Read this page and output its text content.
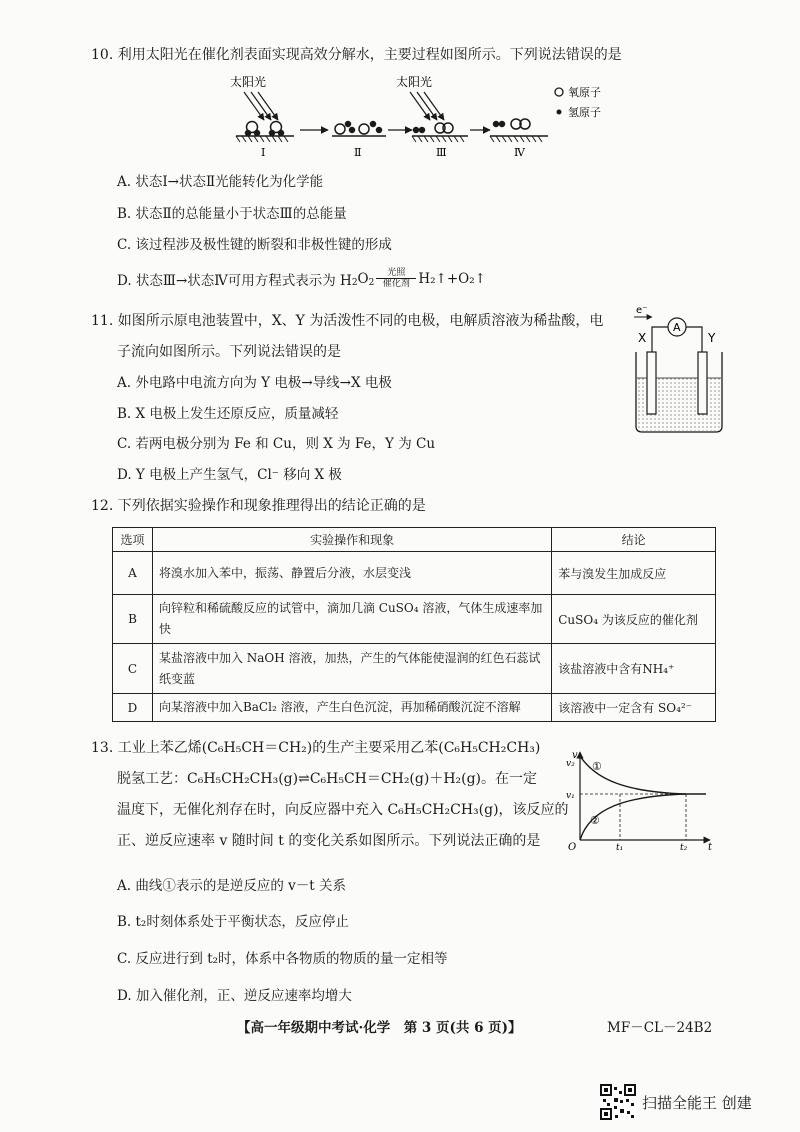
10. 利用太阳光在催化剂表面实现高效分解水，主要过程如图所示。下列说法错误的是
太阳光
Ⅰ	Ⅱ
太阳光
Ⅲ	Ⅳ
氧原子
氢原子
A. 状态Ⅰ→状态Ⅱ光能转化为化学能
B. 状态Ⅱ的总能量小于状态Ⅲ的总能量
C. 该过程涉及极性键的断裂和非极性键的形成
D. 状态Ⅲ→状态Ⅳ可用方程式表示为 H 2 O 2
光照
催化剂 H₂↑+O₂↑
11. 如图所示原电池装置中，X、Y 为活泼性不同的电极，电解质溶液为稀盐酸，电
子流向如图所示。下列说法错误的是
e⁻
A
X	Y
A. 外电路中电流方向为 Y 电极→导线→X 电极
B. X 电极上发生还原反应，质量减轻
C. 若两电极分别为 Fe 和 Cu，则 X 为 Fe，Y 为 Cu
D. Y 电极上产生氢气，Cl⁻ 移向 X 极
12. 下列依据实验操作和现象推理得出的结论正确的是
选项	实验操作和现象	结论
A	将溴水加入苯中，振荡、静置后分液，水层变浅	苯与溴发生加成反应
B	向锌粒和稀硫酸反应的试管中，滴加几滴 CuSO₄ 溶液，气体生成速率加快	CuSO₄ 为该反应的催化剂
C	某盐溶液中加入 NaOH 溶液，加热，产生的气体能使湿润的红色石蕊试纸变蓝	该盐溶液中含有NH₄⁺
D	向某溶液中加入BaCl₂ 溶液，产生白色沉淀，再加稀硝酸沉淀不溶解	该溶液中一定含有 SO₄²⁻
13. 工业上苯乙烯(C₆H₅CH＝CH₂)的生产主要采用乙苯(C₆H₅CH₂CH₃)
脱氢工艺：C₆H₅CH₂CH₃(g)⇌C₆H₅CH＝CH₂(g)＋H₂(g)。在一定
温度下，无催化剂存在时，向反应器中充入 C₆H₅CH₂CH₃(g)，该反应的
正、逆反应速率 v 随时间 t 的变化关系如图所示。下列说法正确的是
v
t
O
v₂
v₁
t₁	t₂
①
②
A. 曲线①表示的是逆反应的 v－t 关系
B. t₂时刻体系处于平衡状态，反应停止
C. 反应进行到 t₂时，体系中各物质的物质的量一定相等
D. 加入催化剂，正、逆反应速率均增大
【高一年级期中考试·化学　第 3 页(共 6 页)】	MF－CL－24B2
扫描全能王 创建
